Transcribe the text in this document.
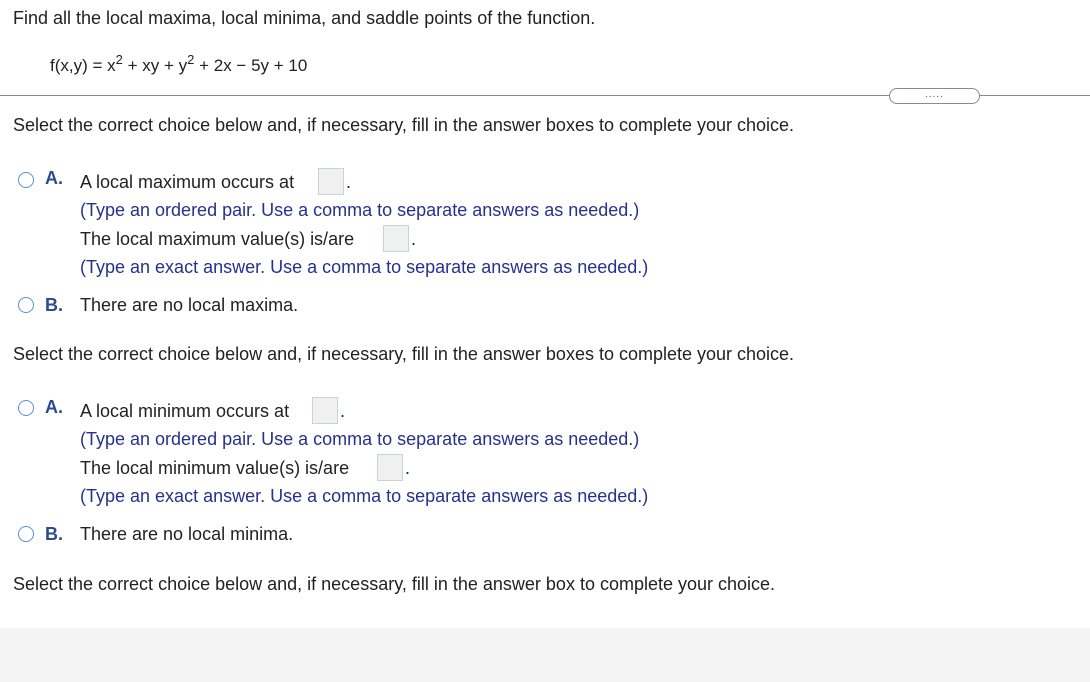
Find all the local maxima, local minima, and saddle points of the function.
$f(x,y) = x^2$ + xy + $y^2 + 2x - 5y + 10$
.....
Select the correct choice below and, if necessary, fill in the answer boxes to complete your choice.
A. A local maximum occurs at	.
(Type an ordered pair. Use a comma to separate answers as needed.)
The local maximum value(s) is/are	.
(Type an exact answer. Use a comma to separate answers as needed.)
B. There are no local maxima.
Select the correct choice below and, if necessary, fill in the answer boxes to complete your choice.
A. A local minimum occurs at	.
(Type an ordered pair. Use a comma to separate answers as needed.)
The local minimum value(s) is/are	.
(Type an exact answer. Use a comma to separate answers as needed.)
B. There are no local minima.
Select the correct choice below and, if necessary, fill in the answer box to complete your choice.
